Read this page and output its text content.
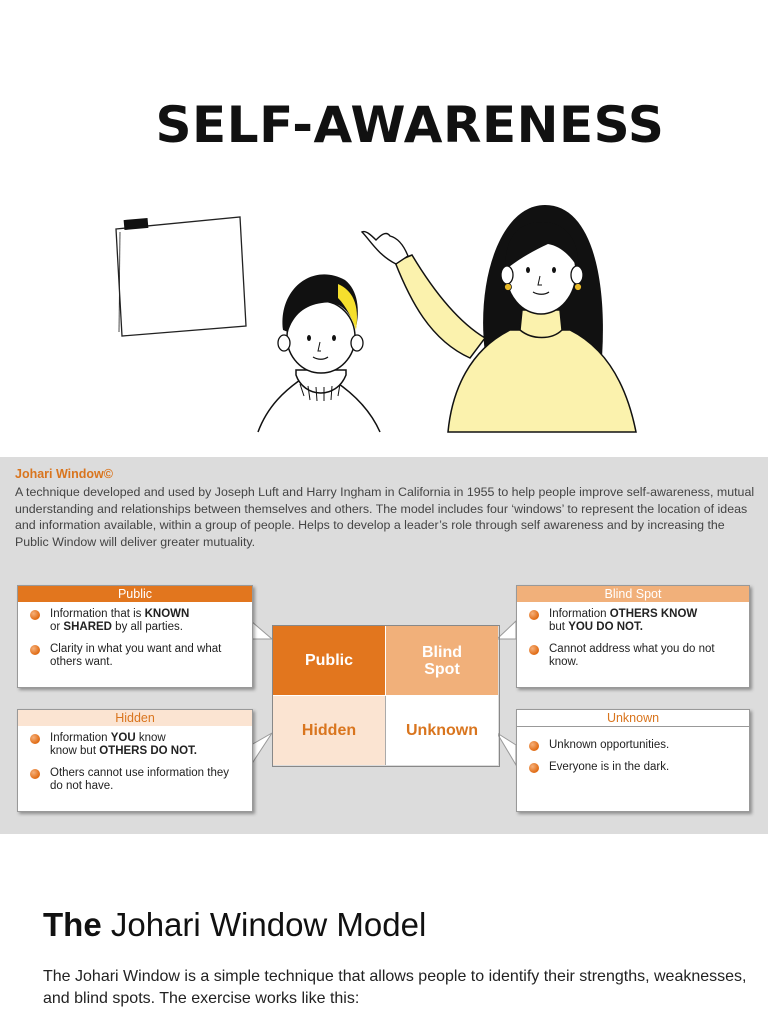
SELF-AWARENESS
Johari Window©
A technique developed and used by Joseph Luft and Harry Ingham in California in 1955 to help people improve self-awareness, mutual understanding and relationships between themselves and others. The model includes four ‘windows’ to represent the location of ideas and information available, within a group of people. Helps to develop a leader’s role through self awareness and by increasing the Public Window will deliver greater mutuality.
Public
Information that is KNOWN
or SHARED by all parties.
Clarity in what you want and what others want.
Hidden
Information YOU know
know but OTHERS DO NOT.
Others cannot use information they do not have.
Blind Spot
Information OTHERS KNOW
but YOU DO NOT.
Cannot address what you do not know.
Unknown
Unknown opportunities.
Everyone is in the dark.
Public	Blind
Spot
Hidden	Unknown
The Johari Window Model
The Johari Window is a simple technique that allows people to identify their strengths, weaknesses, and blind spots. The exercise works like this:
